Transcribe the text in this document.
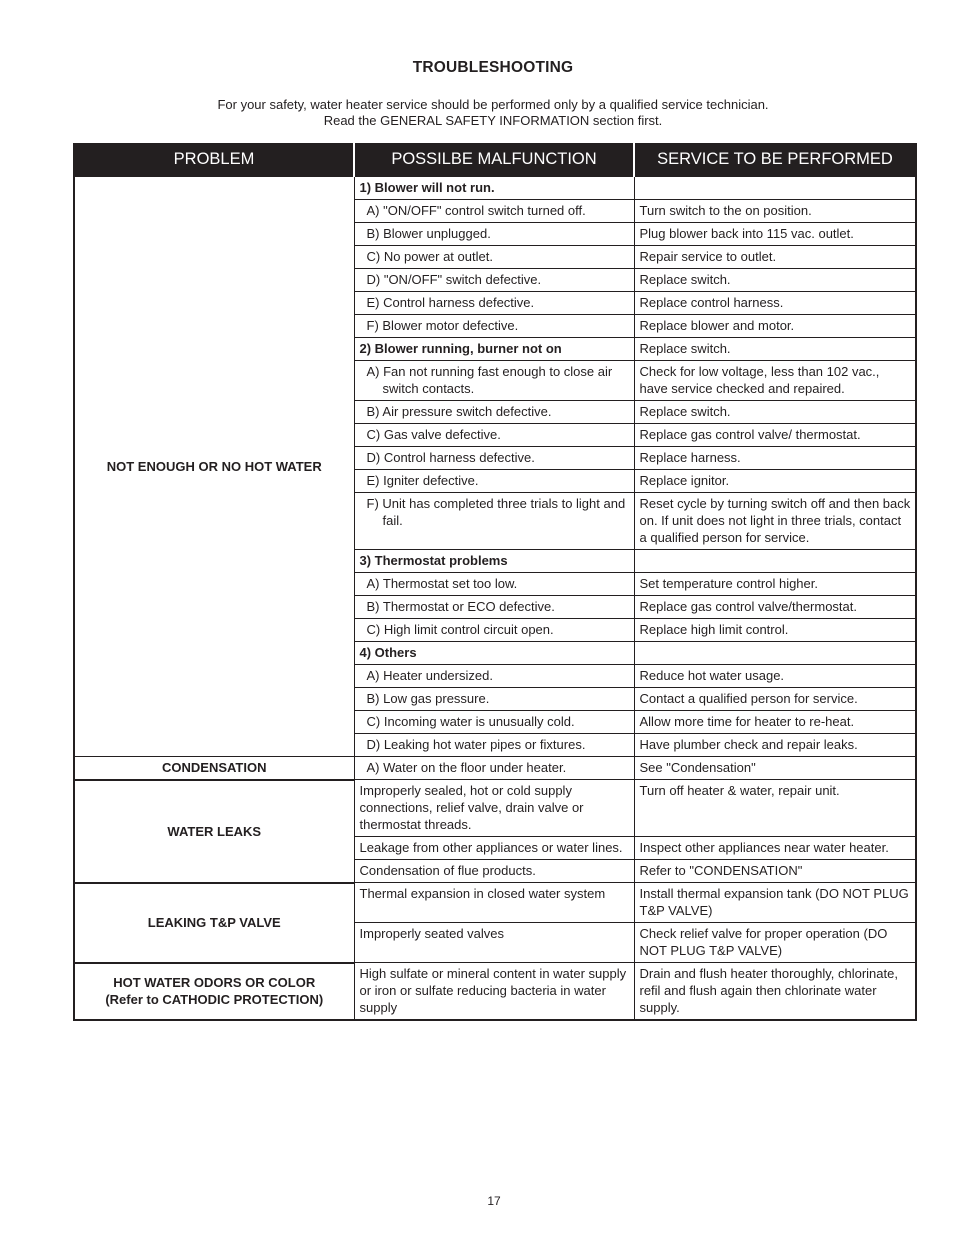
TROUBLESHOOTING
For your safety, water heater service should be performed only by a qualified service technician.
Read the GENERAL SAFETY INFORMATION section first.
PROBLEM	POSSILBE MALFUNCTION	SERVICE TO BE PERFORMED
NOT ENOUGH OR NO HOT WATER	1) Blower will not run.	
	A) "ON/OFF" control switch turned off.	Turn switch to the on position.
	B) Blower unplugged.	Plug blower back into 115 vac. outlet.
	C) No power at outlet.	Repair service to outlet.
	D) "ON/OFF" switch defective.	Replace switch.
	E) Control harness defective.	Replace control harness.
	F) Blower motor defective.	Replace blower and motor.
	2) Blower running, burner not on	Replace switch.

	A) Fan not running fast enough to close air switch contacts.	Check for low voltage, less than 102 vac., have service checked and repaired.
	B) Air pressure switch defective.	Replace switch.
	C) Gas valve defective.	Replace gas control valve/ thermostat.
	D) Control harness defective.	Replace harness.
	E) Igniter defective.	Replace ignitor.

	F) Unit has completed three trials to light and fail.	Reset cycle by turning switch off and then back on. If unit does not light in three trials, contact a qualified person for service.
	3) Thermostat problems	
	A) Thermostat set too low.	Set temperature control higher.
	B) Thermostat or ECO defective.	Replace gas control valve/thermostat.
	C) High limit control circuit open.	Replace high limit control.
	4) Others	
	A) Heater undersized.	Reduce hot water usage.
	B) Low gas pressure.	Contact a qualified person for service.
	C) Incoming water is unusually cold.	Allow more time for heater to re-heat.
	D) Leaking hot water pipes or fixtures.	Have plumber check and repair leaks.
CONDENSATION	A) Water on the floor under heater.	See "Condensation"
WATER LEAKS	Improperly sealed, hot or cold supply connections, relief valve, drain valve or thermostat threads.	Turn off heater & water, repair unit.
	Leakage from other appliances or water lines.	Inspect other appliances near water heater.
	Condensation of flue products.	Refer to "CONDENSATION"
LEAKING T&P VALVE	Thermal expansion in closed water system	Install thermal expansion tank (DO NOT PLUG T&P VALVE)
	Improperly seated valves	Check relief valve for proper operation (DO NOT PLUG T&P VALVE)

HOT WATER ODORS OR COLOR
(Refer to CATHODIC PROTECTION)	High sulfate or mineral content in water supply or iron or sulfate reducing bacteria in water supply	Drain and flush heater thoroughly, chlorinate, refil and flush again then chlorinate water supply.
17
